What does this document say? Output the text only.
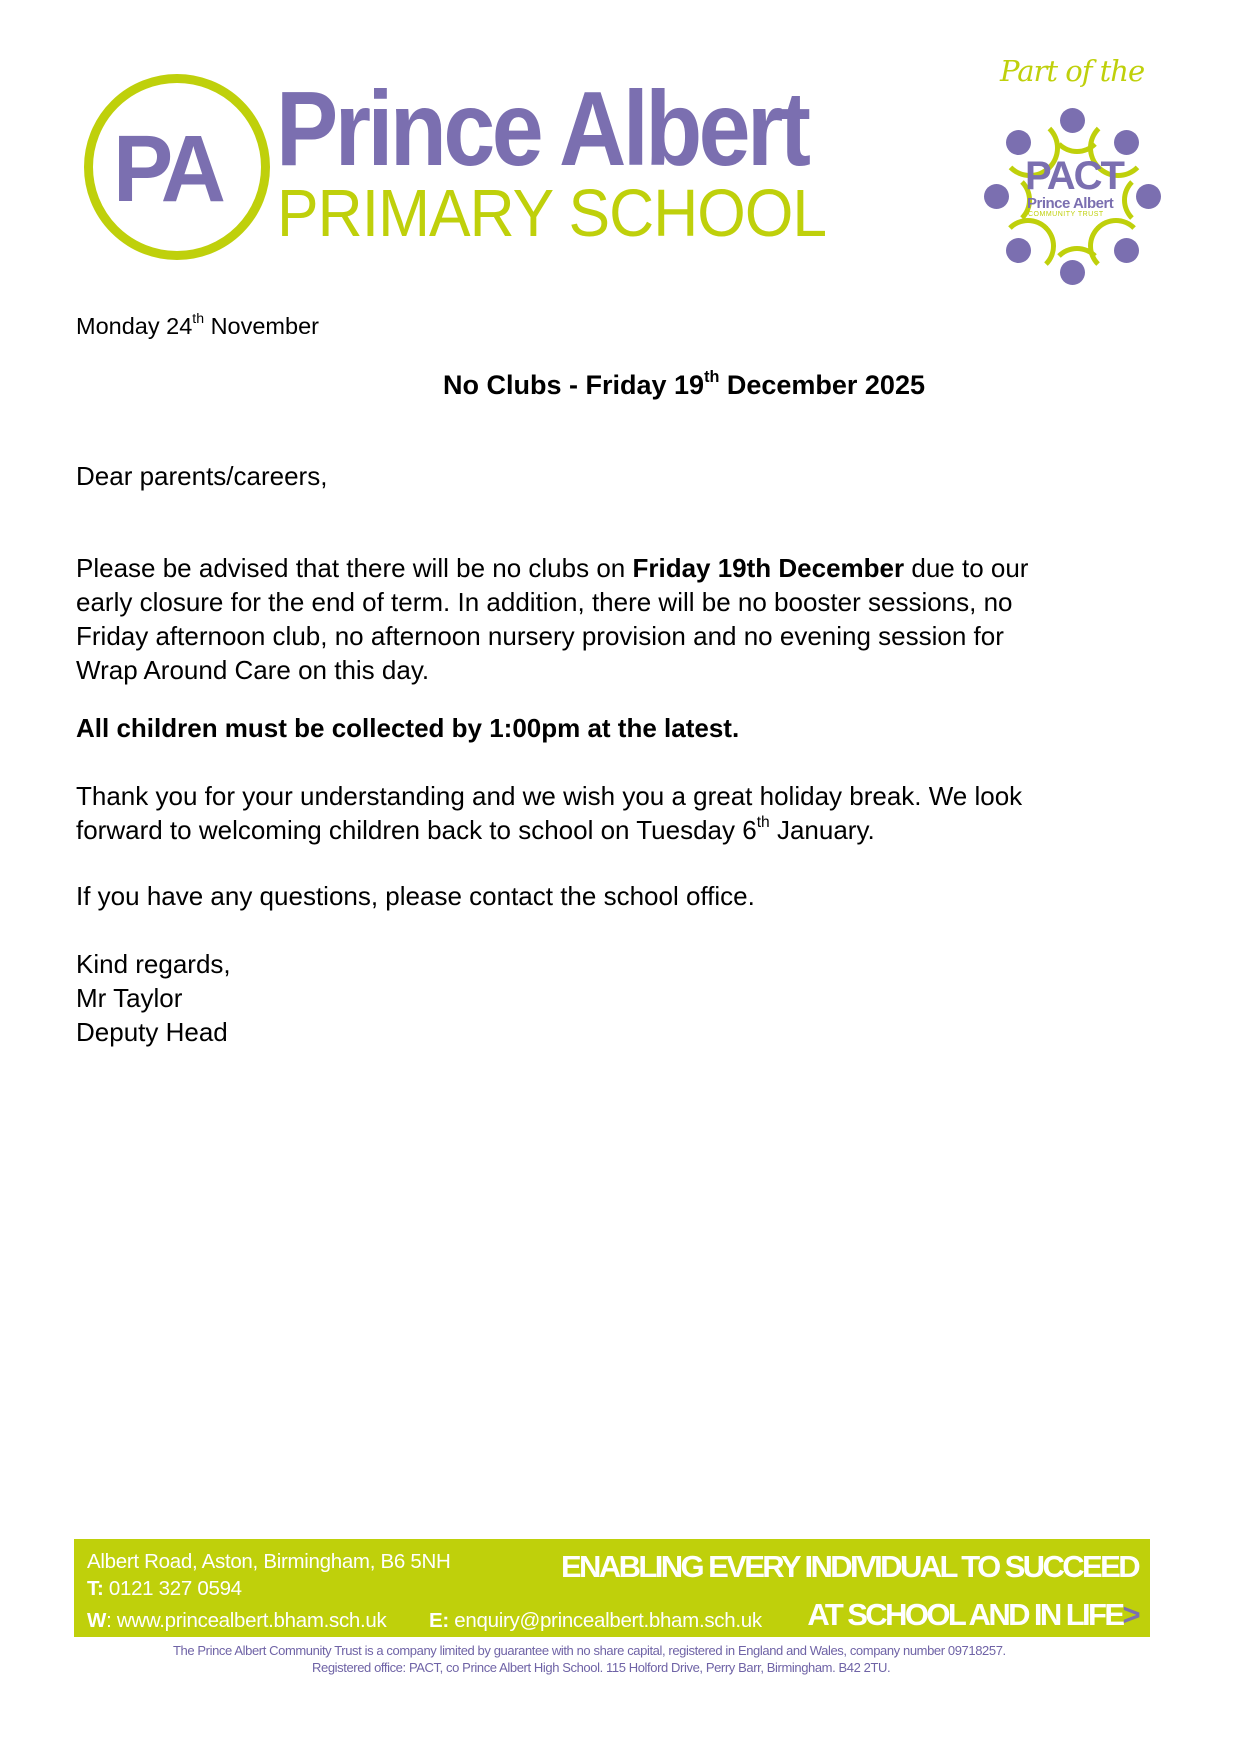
PA Prince Albert
PRIMARY SCHOOL
Part of the
PACT
Prince Albert
COMMUNITY TRUST
Monday 24th November
No Clubs - Friday 19th December 2025
Dear parents/careers,
Please be advised that there will be no clubs on Friday 19th December due to our
early closure for the end of term. In addition, there will be no booster sessions, no
Friday afternoon club, no afternoon nursery provision and no evening session for
Wrap Around Care on this day.
All children must be collected by 1:00pm at the latest.
Thank you for your understanding and we wish you a great holiday break. We look
forward to welcoming children back to school on Tuesday 6th January.
If you have any questions, please contact the school office.
Kind regards,
Mr Taylor
Deputy Head
Albert Road, Aston, Birmingham, B6 5NH
T: 0121 327 0594
W: www.princealbert.bham.sch.uk E: enquiry@princealbert.bham.sch.uk
ENABLING EVERY INDIVIDUAL TO SUCCEED
AT SCHOOL AND IN LIFE>
The Prince Albert Community Trust is a company limited by guarantee with no share capital, registered in England and Wales, company number 09718257.
Registered office: PACT, co Prince Albert High School. 115 Holford Drive, Perry Barr, Birmingham. B42 2TU.
